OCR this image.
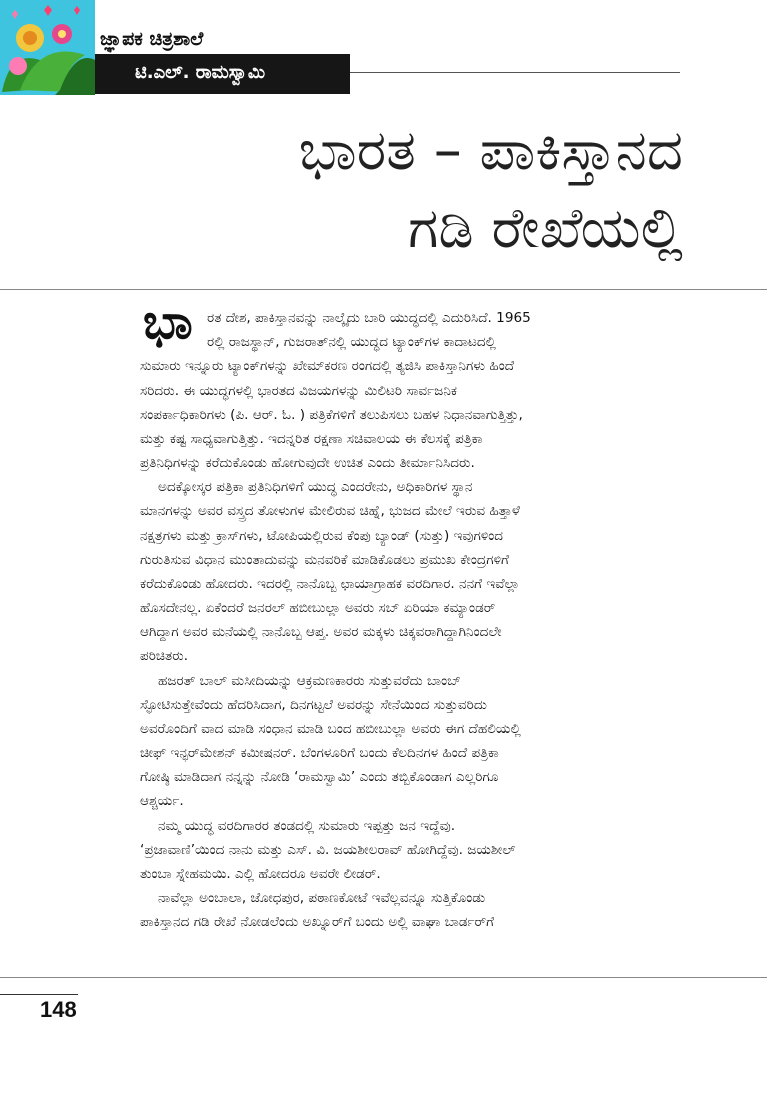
ಜ್ಞಾಪಕ ಚಿತ್ರಶಾಲೆ
ಟಿ.ಎಲ್. ರಾಮಸ್ವಾಮಿ
ಭಾರತ – ಪಾಕಿಸ್ತಾನದ
ಗಡಿ ರೇಖೆಯಲ್ಲಿ
ಭಾ ರತ ದೇಶ, ಪಾಕಿಸ್ತಾನವನ್ನು ನಾಲ್ಕೈದು ಬಾರಿ ಯುದ್ಧದಲ್ಲಿ ಎದುರಿಸಿದೆ. 1965
ರಲ್ಲಿ ರಾಜಸ್ಥಾನ್, ಗುಜರಾತ್‌ನಲ್ಲಿ ಯುದ್ಧದ ಟ್ಯಾಂಕ್‌ಗಳ ಕಾದಾಟದಲ್ಲಿ
ಸುಮಾರು ಇನ್ನೂರು ಟ್ಯಾಂಕ್‌ಗಳನ್ನು ಖೇಮ್‌ಕರಣ ರಂಗದಲ್ಲಿ ತ್ಯಜಿಸಿ ಪಾಕಿಸ್ತಾನಿಗಳು ಹಿಂದೆ
ಸರಿದರು. ಈ ಯುದ್ಧಗಳಲ್ಲಿ ಭಾರತದ ವಿಜಯಗಳನ್ನು ಮಿಲಿಟರಿ ಸಾರ್ವಜನಿಕ
ಸಂಪರ್ಕಾಧಿಕಾರಿಗಳು (ಪಿ. ಆರ್. ಓ. ) ಪತ್ರಿಕೆಗಳಿಗೆ ತಲುಪಿಸಲು ಬಹಳ ನಿಧಾನವಾಗುತ್ತಿತ್ತು,
ಮತ್ತು ಕಷ್ಟ ಸಾಧ್ಯವಾಗುತ್ತಿತ್ತು. ಇದನ್ನರಿತ ರಕ್ಷಣಾ ಸಚಿವಾಲಯ ಈ ಕೆಲಸಕ್ಕೆ ಪತ್ರಿಕಾ
ಪ್ರತಿನಿಧಿಗಳನ್ನು ಕರೆದುಕೊಂಡು ಹೋಗುವುದೇ ಉಚಿತ ಎಂದು ತೀರ್ಮಾನಿಸಿದರು.
ಅದಕ್ಕೋಸ್ಕರ ಪತ್ರಿಕಾ ಪ್ರತಿನಿಧಿಗಳಿಗೆ ಯುದ್ಧ ಎಂದರೇನು, ಅಧಿಕಾರಿಗಳ ಸ್ಥಾನ
ಮಾನಗಳನ್ನು ಅವರ ವಸ್ತ್ರದ ತೋಳುಗಳ ಮೇಲಿರುವ ಚಿಹ್ನೆ, ಭುಜದ ಮೇಲೆ ಇರುವ ಹಿತ್ತಾಳೆ
ನಕ್ಷತ್ರಗಳು ಮತ್ತು ಕ್ರಾಸ್‌ಗಳು, ಟೋಪಿಯಲ್ಲಿರುವ ಕೆಂಪು ಬ್ಯಾಂಡ್ (ಸುತ್ತು) ಇವುಗಳಿಂದ
ಗುರುತಿಸುವ ವಿಧಾನ ಮುಂತಾದುವನ್ನು ಮನವರಿಕೆ ಮಾಡಿಕೊಡಲು ಪ್ರಮುಖ ಕೇಂದ್ರಗಳಿಗೆ
ಕರೆದುಕೊಂಡು ಹೋದರು. ಇದರಲ್ಲಿ ನಾನೊಬ್ಬ ಛಾಯಾಗ್ರಾಹಕ ವರದಿಗಾರ. ನನಗೆ ಇವೆಲ್ಲಾ
ಹೊಸದೇನಲ್ಲ. ಏಕೆಂದರೆ ಜನರಲ್ ಹಬೀಬುಲ್ಲಾ ಅವರು ಸಬ್ ಏರಿಯಾ ಕಮ್ಯಾಂಡರ್
ಆಗಿದ್ದಾಗ ಅವರ ಮನೆಯಲ್ಲಿ ನಾನೊಬ್ಬ ಆಪ್ತ. ಅವರ ಮಕ್ಕಳು ಚಿಕ್ಕವರಾಗಿದ್ದಾಗಿನಿಂದಲೇ
ಪರಿಚಿತರು.
ಹಜರತ್ ಬಾಲ್ ಮಸೀದಿಯನ್ನು ಆಕ್ರಮಣಕಾರರು ಸುತ್ತುವರೆದು ಬಾಂಬ್
ಸ್ಫೋಟಿಸುತ್ತೇವೆಂದು ಹೆದರಿಸಿದಾಗ, ದಿನಗಟ್ಟಲೆ ಅವರನ್ನು ಸೇನೆಯಿಂದ ಸುತ್ತುವರಿದು
ಅವರೊಂದಿಗೆ ವಾದ ಮಾಡಿ ಸಂಧಾನ ಮಾಡಿ ಬಂದ ಹಬೀಬುಲ್ಲಾ ಅವರು ಈಗ ದೆಹಲಿಯಲ್ಲಿ
ಚೀಫ್ ಇನ್ಫರ್‌ಮೇಶನ್ ಕಮೀಷನರ್. ಬೆಂಗಳೂರಿಗೆ ಬಂದು ಕೆಲದಿನಗಳ ಹಿಂದೆ ಪತ್ರಿಕಾ
ಗೋಷ್ಠಿ ಮಾಡಿದಾಗ ನನ್ನನ್ನು ನೋಡಿ ‘ರಾಮಸ್ವಾಮಿ’ ಎಂದು ತಬ್ಬಿಕೊಂಡಾಗ ಎಲ್ಲರಿಗೂ
ಆಶ್ಚರ್ಯ.
ನಮ್ಮ ಯುದ್ಧ ವರದಿಗಾರರ ತಂಡದಲ್ಲಿ ಸುಮಾರು ಇಪ್ಪತ್ತು ಜನ ಇದ್ದೆವು.
‘ಪ್ರಜಾವಾಣಿ’ಯಿಂದ ನಾನು ಮತ್ತು ಎಸ್. ವಿ. ಜಯಶೀಲರಾವ್ ಹೋಗಿದ್ದೆವು. ಜಯಶೀಲ್
ತುಂಬಾ ಸ್ನೇಹಮಯಿ. ಎಲ್ಲಿ ಹೋದರೂ ಅವರೇ ಲೀಡರ್.
ನಾವೆಲ್ಲಾ ಅಂಬಾಲಾ, ಜೋಧಪುರ, ಪಠಾಣಕೋಟೆ ಇವೆಲ್ಲವನ್ನೂ ಸುತ್ತಿಕೊಂಡು
ಪಾಕಿಸ್ತಾನದ ಗಡಿ ರೇಖೆ ನೋಡಲೆಂದು ಅಖ್ನೂರ್‌ಗೆ ಬಂದು ಅಲ್ಲಿ ವಾಘಾ ಬಾರ್ಡರ್‌ಗೆ
148
